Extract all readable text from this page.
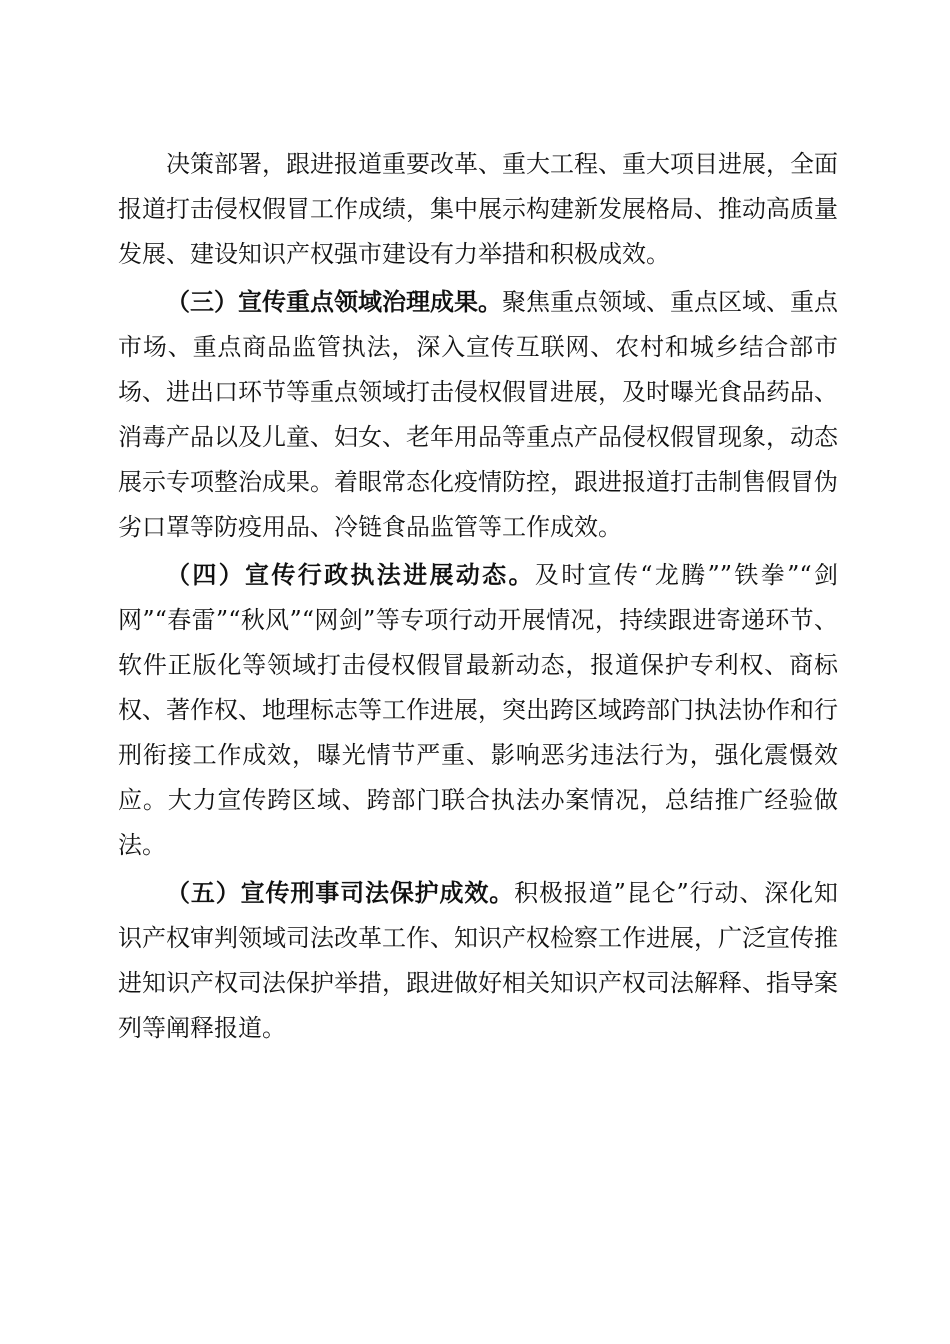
决策部署，跟进报道重要改革、重大工程、重大项目进展，全面报道打击侵权假冒工作成绩，集中展示构建新发展格局、推动高质量发展、建设知识产权强市建设有力举措和积极成效。

（三）宣传重点领域治理成果。聚焦重点领域、重点区域、重点市场、重点商品监管执法，深入宣传互联网、农村和城乡结合部市场、进出口环节等重点领域打击侵权假冒进展，及时曝光食品药品、消毒产品以及儿童、妇女、老年用品等重点产品侵权假冒现象，动态展示专项整治成果。着眼常态化疫情防控，跟进报道打击制售假冒伪劣口罩等防疫用品、冷链食品监管等工作成效。

（四）宣传行政执法进展动态。及时宣传“龙腾””铁拳”“剑网”“春雷”“秋风”“网剑”等专项行动开展情况，持续跟进寄递环节、软件正版化等领域打击侵权假冒最新动态，报道保护专利权、商标权、著作权、地理标志等工作进展，突出跨区域跨部门执法协作和行刑衔接工作成效，曝光情节严重、影响恶劣违法行为，强化震慑效应。大力宣传跨区域、跨部门联合执法办案情况，总结推广经验做法。

（五）宣传刑事司法保护成效。积极报道”昆仑”行动、深化知识产权审判领域司法改革工作、知识产权检察工作进展，广泛宣传推进知识产权司法保护举措，跟进做好相关知识产权司法解释、指导案列等阐释报道。
